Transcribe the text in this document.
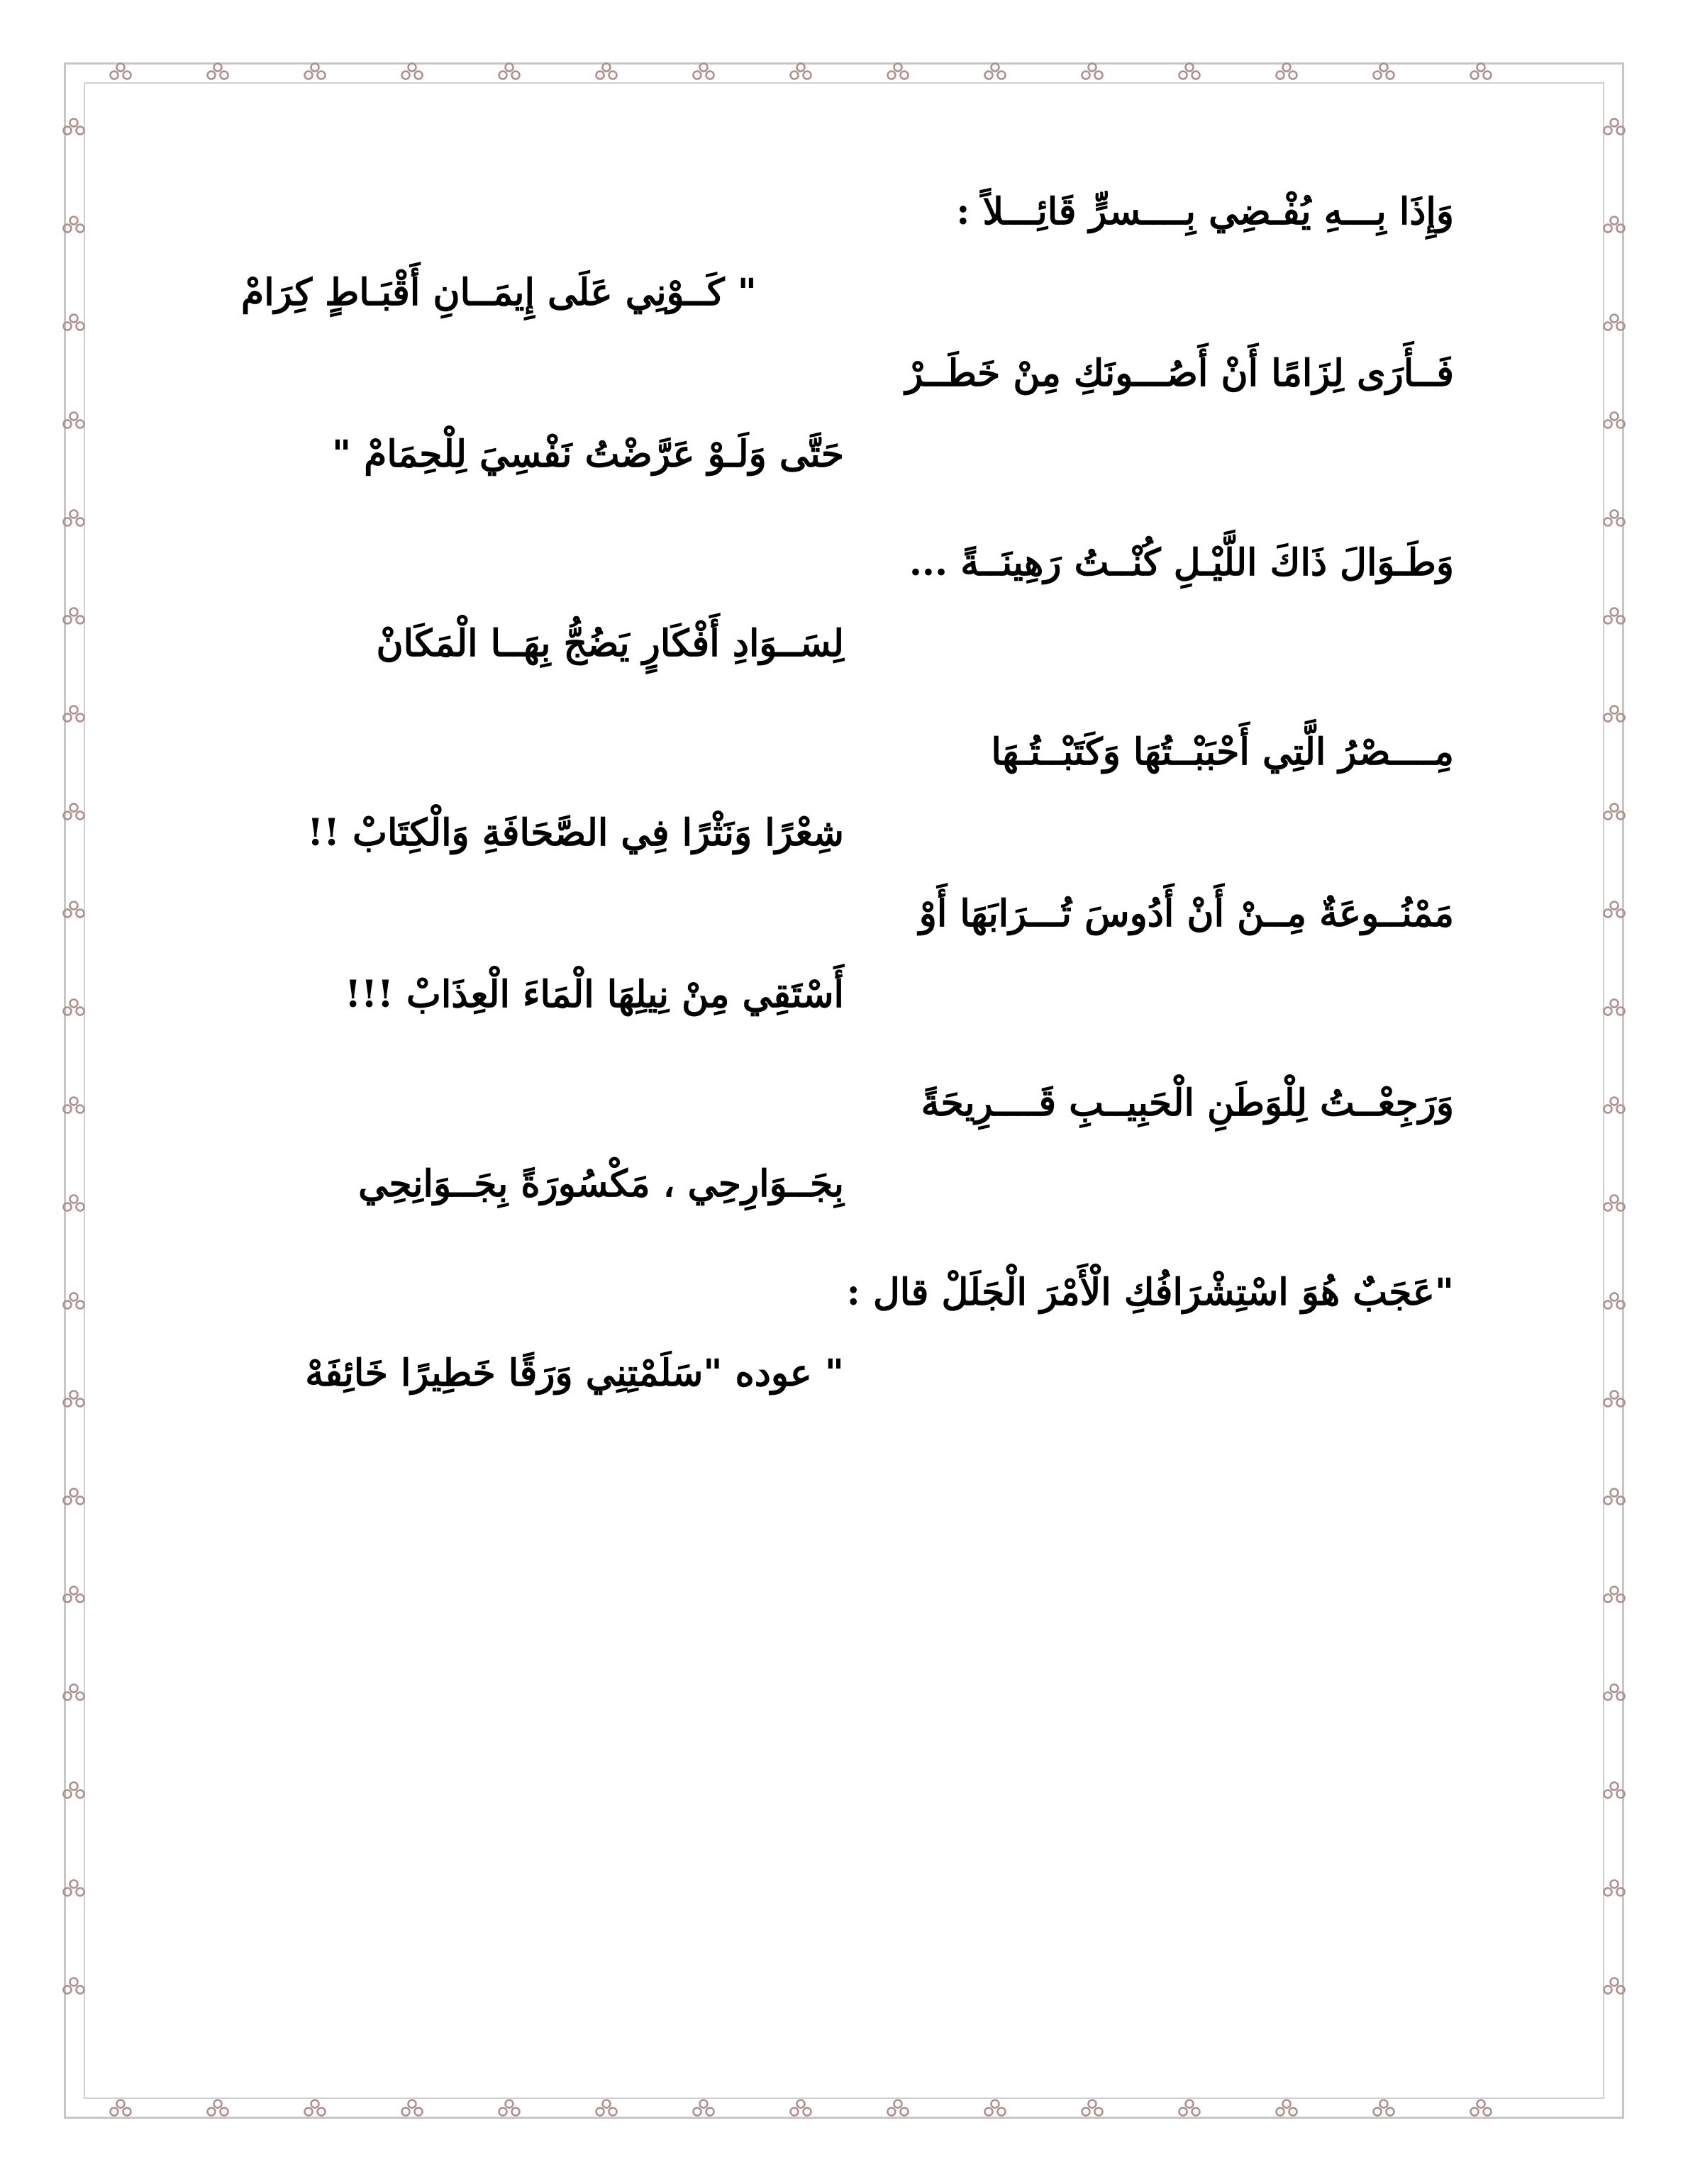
وَإِذَا بِـــهِ يُفْـضِي بِــــسرٍّ قَائِـــلاً :
" كَــوْنِي عَلَى إِيمَــانِ أَقْبَـاطٍ كِرَامْ
فَــأَرَى لِزَامًا أَنْ أَصُـــونَكِ مِنْ خَطَــرْ
حَتَّى وَلَـوْ عَرَّضْتُ نَفْسِيَ لِلْحِمَامْ "
وَطَـوَالَ ذَاكَ اللَّيْـلِ كُنْــتُ رَهِينَــةً ...
لِسَــوَادِ أَفْكَارٍ يَضُجُّ بِهَــا الْمَكَانْ
مِــــصْرُ الَّتِي أَحْبَبْــتُهَا وَكَتَبْــتُـهَا
شِعْرًا وَنَثْرًا فِي الصَّحَافَةِ وَالْكِتَابْ !!
مَمْنُــوعَةٌ مِــنْ أَنْ أَدُوسَ تُـــرَابَهَا أَوْ
أَسْتَقِي مِنْ نِيلِهَا الْمَاءَ الْعِذَابْ !!!
وَرَجِعْــتُ لِلْوَطَنِ الْحَبِيــبِ قَــــرِيحَةً
بِجَــوَارِحِي ، مَكْسُورَةً بِجَــوَانِحِي
"عَجَبٌ هُوَ اسْتِشْرَافُكِ الْأَمْرَ الْجَلَلْ قال :
" عوده "سَلَمْتِنِي وَرَقًا خَطِيرًا خَائِفَهْ
